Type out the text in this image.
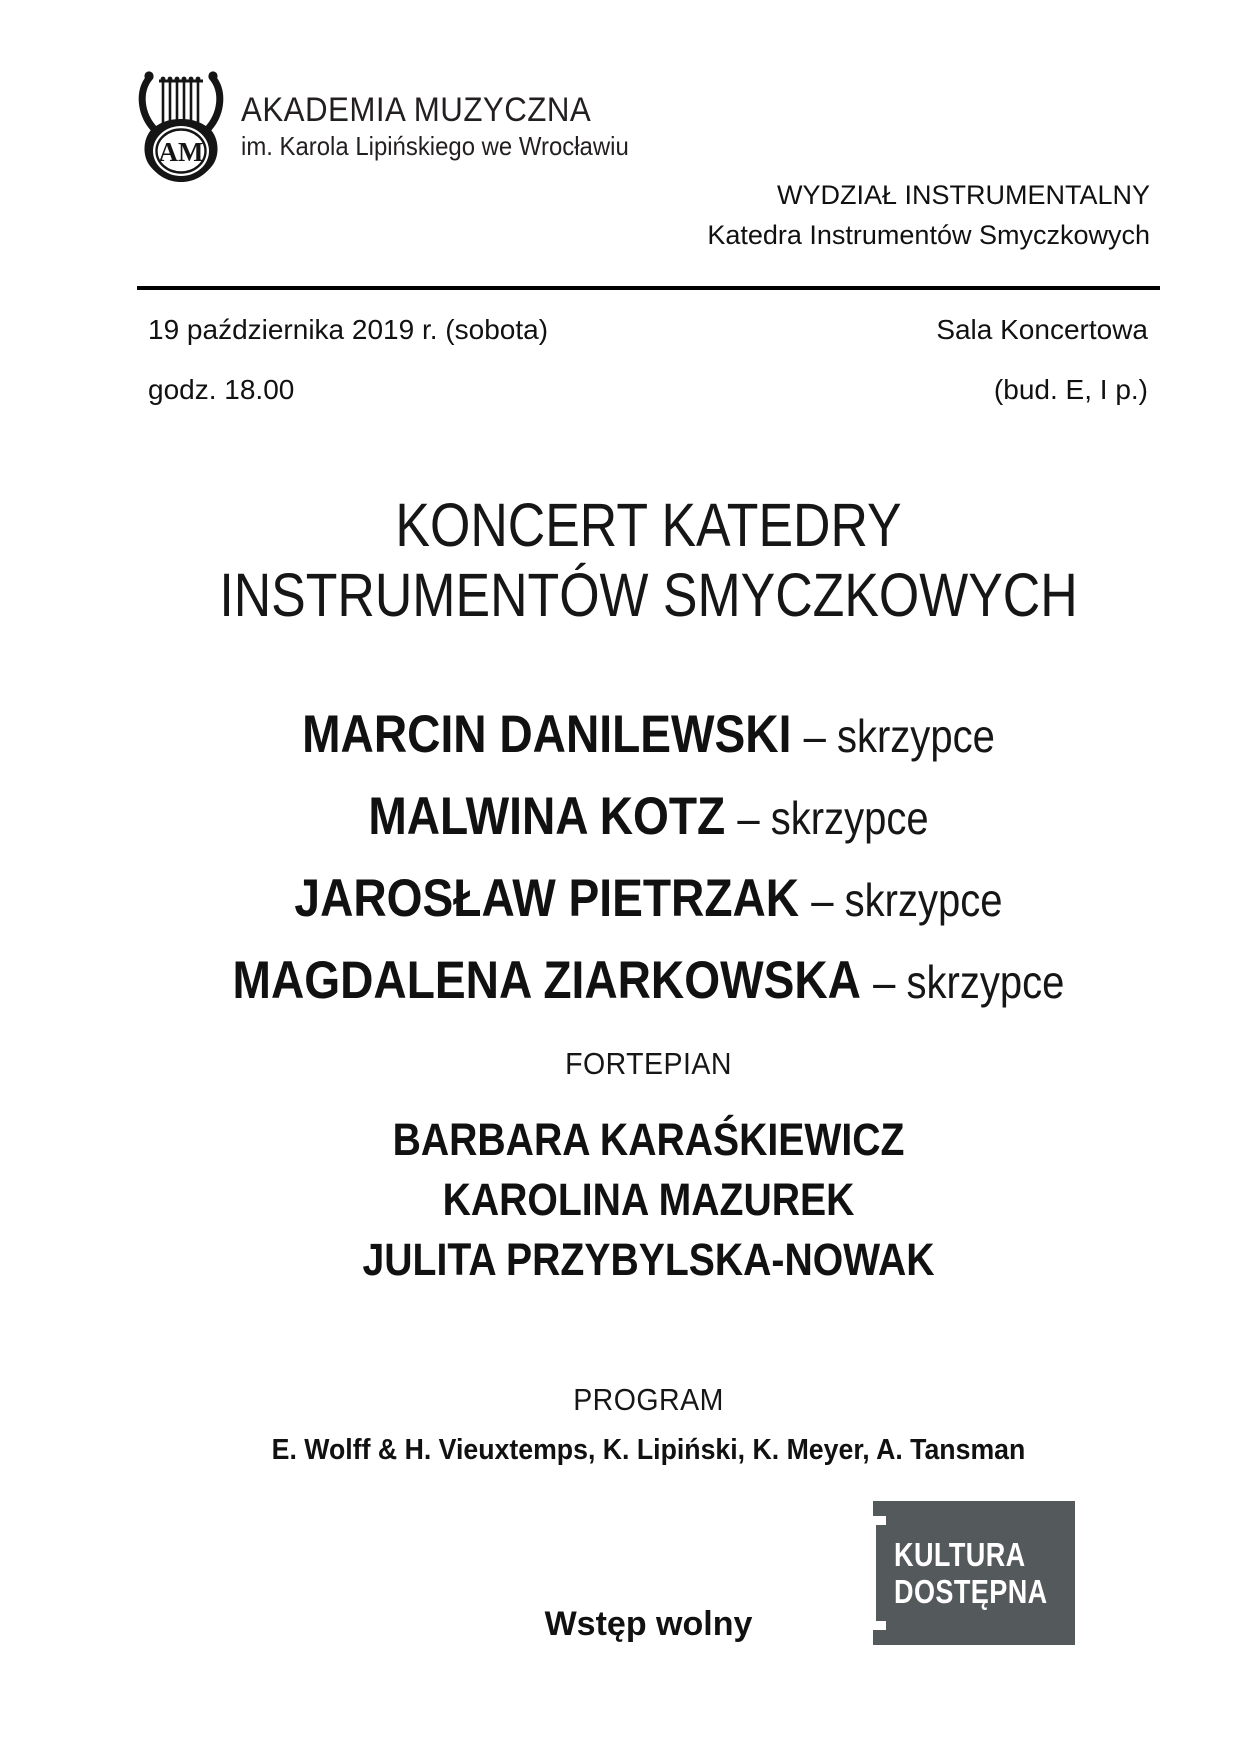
AM
AKADEMIA MUZYCZNA
im. Karola Lipińskiego we Wrocławiu
WYDZIAŁ INSTRUMENTALNY
Katedra Instrumentów Smyczkowych
19 października 2019 r. (sobota)	Sala Koncertowa
godz. 18.00	(bud. E, I p.)
KONCERT KATEDRY
INSTRUMENTÓW SMYCZKOWYCH
MARCIN DANILEWSKI – skrzypce
MALWINA KOTZ – skrzypce
JAROSŁAW PIETRZAK – skrzypce
MAGDALENA ZIARKOWSKA – skrzypce
FORTEPIAN
BARBARA KARAŚKIEWICZ
KAROLINA MAZUREK
JULITA PRZYBYLSKA-NOWAK
PROGRAM
E. Wolff & H. Vieuxtemps, K. Lipiński, K. Meyer, A. Tansman
KULTURA
DOSTĘPNA
Wstęp wolny
